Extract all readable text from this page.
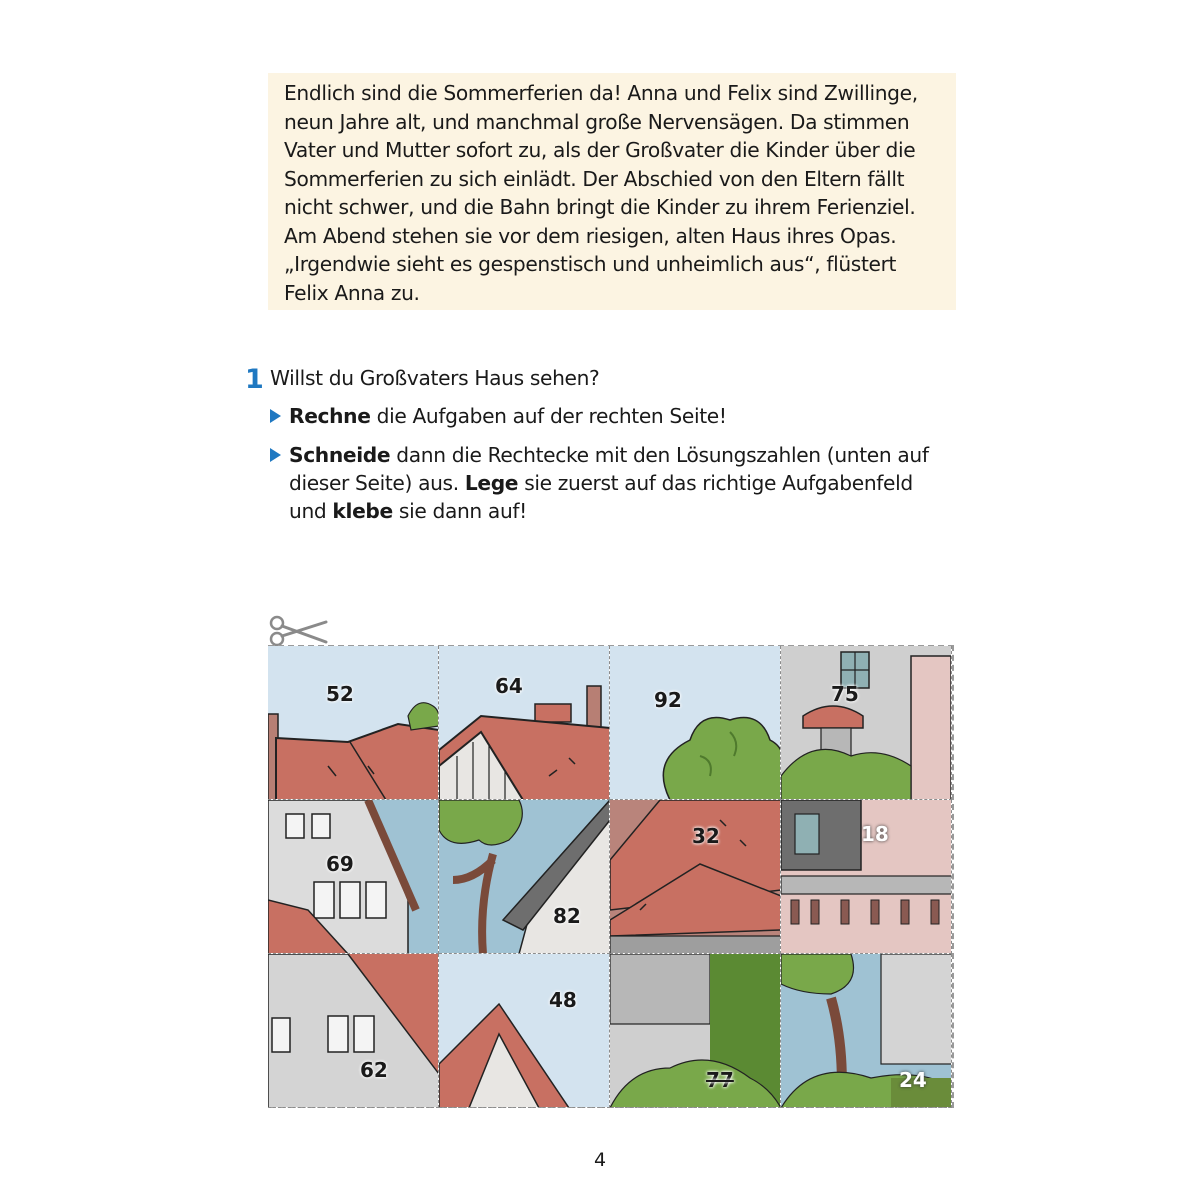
Endlich sind die Sommerferien da! Anna und Felix sind Zwillinge,
neun Jahre alt, und manchmal große Nervensägen. Da stimmen
Vater und Mutter sofort zu, als der Großvater die Kinder über die
Sommerferien zu sich einlädt. Der Abschied von den Eltern fällt
nicht schwer, und die Bahn bringt die Kinder zu ihrem Ferienziel.
Am Abend stehen sie vor dem riesigen, alten Haus ihres Opas.
„Irgendwie sieht es gespenstisch und unheimlich aus“, flüstert
Felix Anna zu.

1 Willst du Großvaters Haus sehen?
Rechne die Aufgaben auf der rechten Seite!
Schneide dann die Rechtecke mit den Lösungszahlen (unten auf dieser Seite) aus. Lege sie zuerst auf das richtige Aufgabenfeld und klebe sie dann auf!
52	64
92	75
69
82
32	18
62
48
77	24
4
